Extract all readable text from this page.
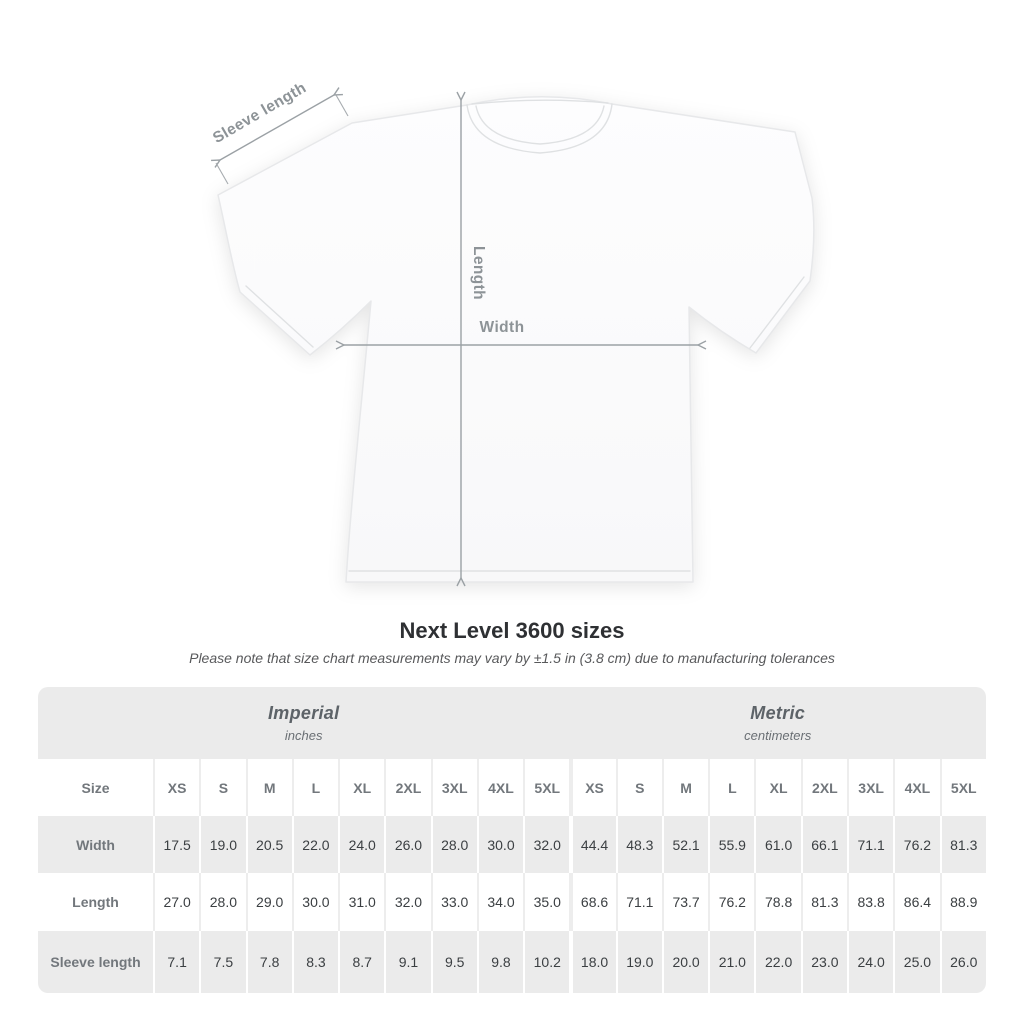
Length
Width
Sleeve length
Next Level 3600 sizes
Please note that size chart measurements may vary by ±1.5 in (3.8 cm) due to manufacturing tolerances
Imperial
inches

Metric
centimeters

Size	XS	S	M	L	XL	2XL	3XL	4XL	5XL	XS	S	M	L	XL	2XL	3XL	4XL	5XL
Width	17.5	19.0	20.5	22.0	24.0	26.0	28.0	30.0	32.0	44.4	48.3	52.1	55.9	61.0	66.1	71.1	76.2	81.3
Length	27.0	28.0	29.0	30.0	31.0	32.0	33.0	34.0	35.0	68.6	71.1	73.7	76.2	78.8	81.3	83.8	86.4	88.9
Sleeve length	7.1	7.5	7.8	8.3	8.7	9.1	9.5	9.8	10.2	18.0	19.0	20.0	21.0	22.0	23.0	24.0	25.0	26.0
